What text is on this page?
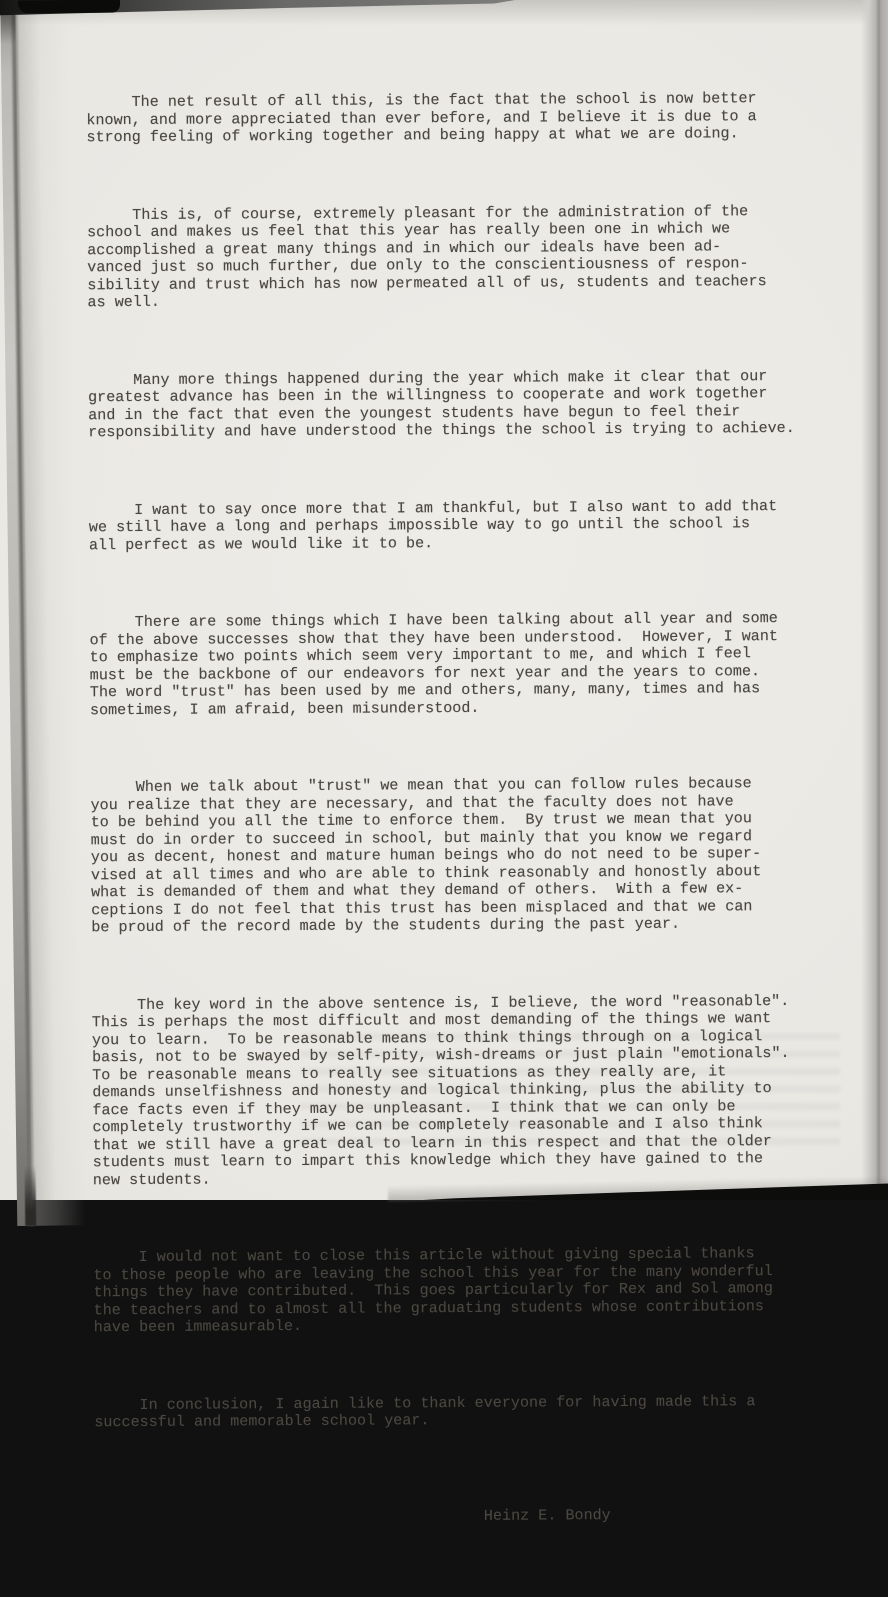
The net result of all this, is the fact that the school is now better
known, and more appreciated than ever before, and I believe it is due to a
strong feeling of working together and being happy at what we are doing.

This is, of course, extremely pleasant for the administration of the
school and makes us feel that this year has really been one in which we
accomplished a great many things and in which our ideals have been ad-
vanced just so much further, due only to the conscientiousness of respon-
sibility and trust which has now permeated all of us, students and teachers
as well.

Many more things happened during the year which make it clear that our
greatest advance has been in the willingness to cooperate and work together
and in the fact that even the youngest students have begun to feel their
responsibility and have understood the things the school is trying to achieve.

I want to say once more that I am thankful, but I also want to add that
we still have a long and perhaps impossible way to go until the school is
all perfect as we would like it to be.

There are some things which I have been talking about all year and some
of the above successes show that they have been understood.  However, I want
to emphasize two points which seem very important to me, and which I feel
must be the backbone of our endeavors for next year and the years to come.
The word "trust" has been used by me and others, many, many, times and has
sometimes, I am afraid, been misunderstood.

When we talk about "trust" we mean that you can follow rules because
you realize that they are necessary, and that the faculty does not have
to be behind you all the time to enforce them.  By trust we mean that you
must do in order to succeed in school, but mainly that you know we regard
you as decent, honest and mature human beings who do not need to be super-
vised at all times and who are able to think reasonably and honostly about
what is demanded of them and what they demand of others.  With a few ex-
ceptions I do not feel that this trust has been misplaced and that we can
be proud of the record made by the students during the past year.

The key word in the above sentence is, I believe, the word "reasonable".
This is perhaps the most difficult and most demanding of the things we want
you to learn.  To be reasonable means to think things through on a logical
basis, not to be swayed by self-pity, wish-dreams or just plain "emotionals".
To be reasonable means to really see situations as they really are, it
demands unselfishness and honesty and logical thinking, plus the ability to
face facts even if they may be unpleasant.  I think that we can only be
completely trustworthy if we can be completely reasonable and I also think
that we still have a great deal to learn in this respect and that the older
students must learn to impart this knowledge which they have gained to the
new students.

I would not want to close this article without giving special thanks
to those people who are leaving the school this year for the many wonderful
things they have contributed.  This goes particularly for Rex and Sol among
the teachers and to almost all the graduating students whose contributions
have been immeasurable.

In conclusion, I again like to thank everyone for having made this a
successful and memorable school year.

Heinz E. Bondy
